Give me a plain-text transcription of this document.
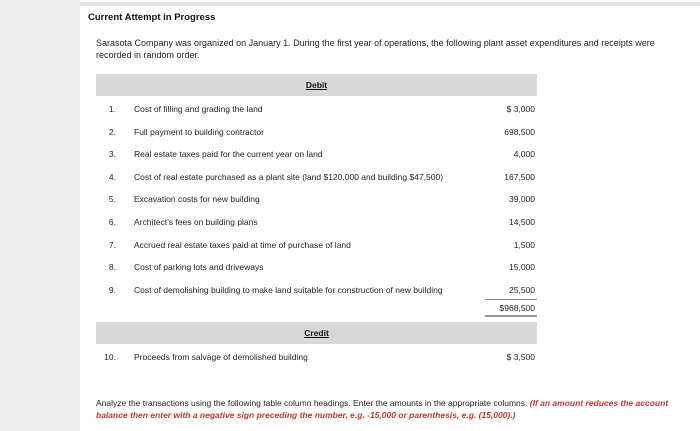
Current Attempt in Progress
Sarasota Company was organized on January 1. During the first year of operations, the following plant asset expenditures and receipts were recorded in random order.
Debit
1. Cost of filling and grading the land	$ 3,000
2. Full payment to building contractor	698,500
3. Real estate taxes paid for the current year on land	4,000
4. Cost of real estate purchased as a plant site (land $120,000 and building $47,500)	167,500
5. Excavation costs for new building	39,000
6. Architect’s fees on building plans	14,500
7. Accrued real estate taxes paid at time of purchase of land	1,500
8. Cost of parking lots and driveways	15,000
9. Cost of demolishing building to make land suitable for construction of new building	25,500
$968,500
Credit
10. Proceeds from salvage of demolished building	$ 3,500
Analyze the transactions using the following table column headings. Enter the amounts in the appropriate columns. (If an amount reduces the account balance then enter with a negative sign preceding the number, e.g. -15,000 or parenthesis, e.g. (15,000).)
